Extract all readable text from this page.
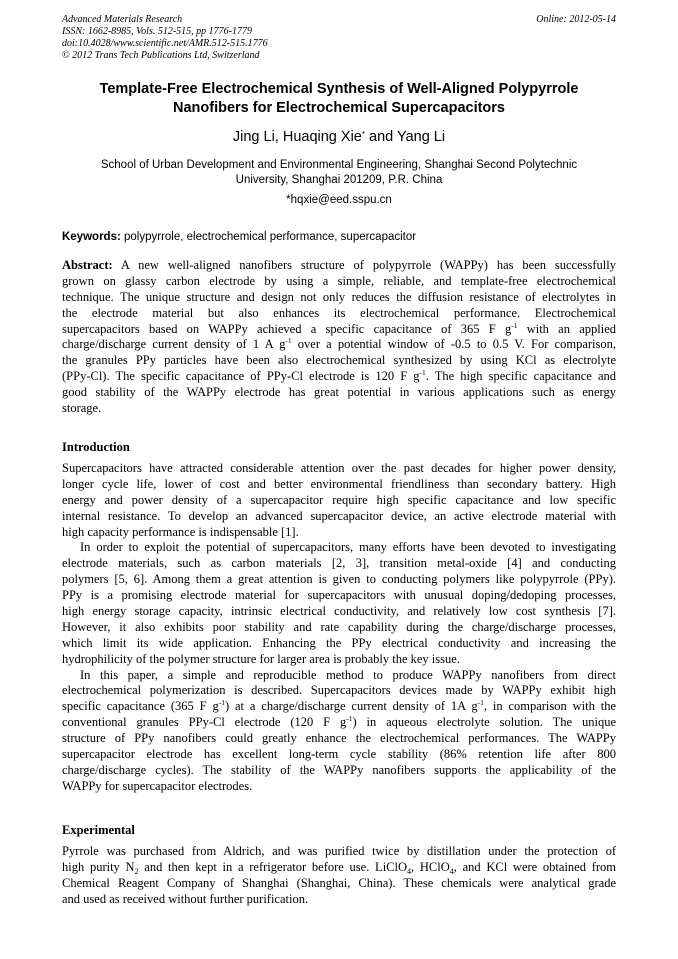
Advanced Materials Research
ISSN: 1662-8985, Vols. 512-515, pp 1776-1779
doi:10.4028/www.scientific.net/AMR.512-515.1776
© 2012 Trans Tech Publications Ltd, Switzerland
Online: 2012-05-14
Template-Free Electrochemical Synthesis of Well-Aligned Polypyrrole
Nanofibers for Electrochemical Supercapacitors
Jing Li, Huaqing Xie* and Yang Li
School of Urban Development and Environmental Engineering, Shanghai Second Polytechnic
University, Shanghai 201209, P.R. China
*hqxie@eed.sspu.cn
Keywords: polypyrrole, electrochemical performance, supercapacitor
Abstract: A new well-aligned nanofibers structure of polypyrrole (WAPPy) has been successfully
grown on glassy carbon electrode by using a simple, reliable, and template-free electrochemical
technique. The unique structure and design not only reduces the diffusion resistance of electrolytes in
the electrode material but also enhances its electrochemical performance. Electrochemical
supercapacitors based on WAPPy achieved a specific capacitance of 365 F $g^{-1}$ with an applied
charge/discharge current density of 1 A $g^{-1}$ over a potential window of -0.5 to 0.5 V. For comparison,
the granules PPy particles have been also electrochemical synthesized by using KCl as electrolyte
(PPy-Cl). The specific capacitance of PPy-Cl electrode is 120 F $g^{-1}$. The high specific capacitance and
good stability of the WAPPy electrode has great potential in various applications such as energy
storage.
Introduction
Supercapacitors have attracted considerable attention over the past decades for higher power density,
longer cycle life, lower of cost and better environmental friendliness than secondary battery. High
energy and power density of a supercapacitor require high specific capacitance and low specific
internal resistance. To develop an advanced supercapacitor device, an active electrode material with
high capacity performance is indispensable [1].
In order to exploit the potential of supercapacitors, many efforts have been devoted to investigating
electrode materials, such as carbon materials [2, 3], transition metal-oxide [4] and conducting
polymers [5, 6]. Among them a great attention is given to conducting polymers like polypyrrole (PPy).
PPy is a promising electrode material for supercapacitors with unusual doping/dedoping processes,
high energy storage capacity, intrinsic electrical conductivity, and relatively low cost synthesis [7].
However, it also exhibits poor stability and rate capability during the charge/discharge processes,
which limit its wide application. Enhancing the PPy electrical conductivity and increasing the
hydrophilicity of the polymer structure for larger area is probably the key issue.
In this paper, a simple and reproducible method to produce WAPPy nanofibers from direct
electrochemical polymerization is described. Supercapacitors devices made by WAPPy exhibit high
specific capacitance (365 F $g^{-1}$) at a charge/discharge current density of 1A $g^{-1}$, in comparison with the
conventional granules PPy-Cl electrode (120 F $g^{-1}$) in aqueous electrolyte solution. The unique
structure of PPy nanofibers could greatly enhance the electrochemical performances. The WAPPy
supercapacitor electrode has excellent long-term cycle stability (86% retention life after 800
charge/discharge cycles). The stability of the WAPPy nanofibers supports the applicability of the
WAPPy for supercapacitor electrodes.
Experimental
Pyrrole was purchased from Aldrich, and was purified twice by distillation under the protection of
high purity $N_2$ and then kept in a refrigerator before use. LiClO$_4$, HClO$_4$, and KCl were obtained from
Chemical Reagent Company of Shanghai (Shanghai, China). These chemicals were analytical grade
and used as received without further purification.
